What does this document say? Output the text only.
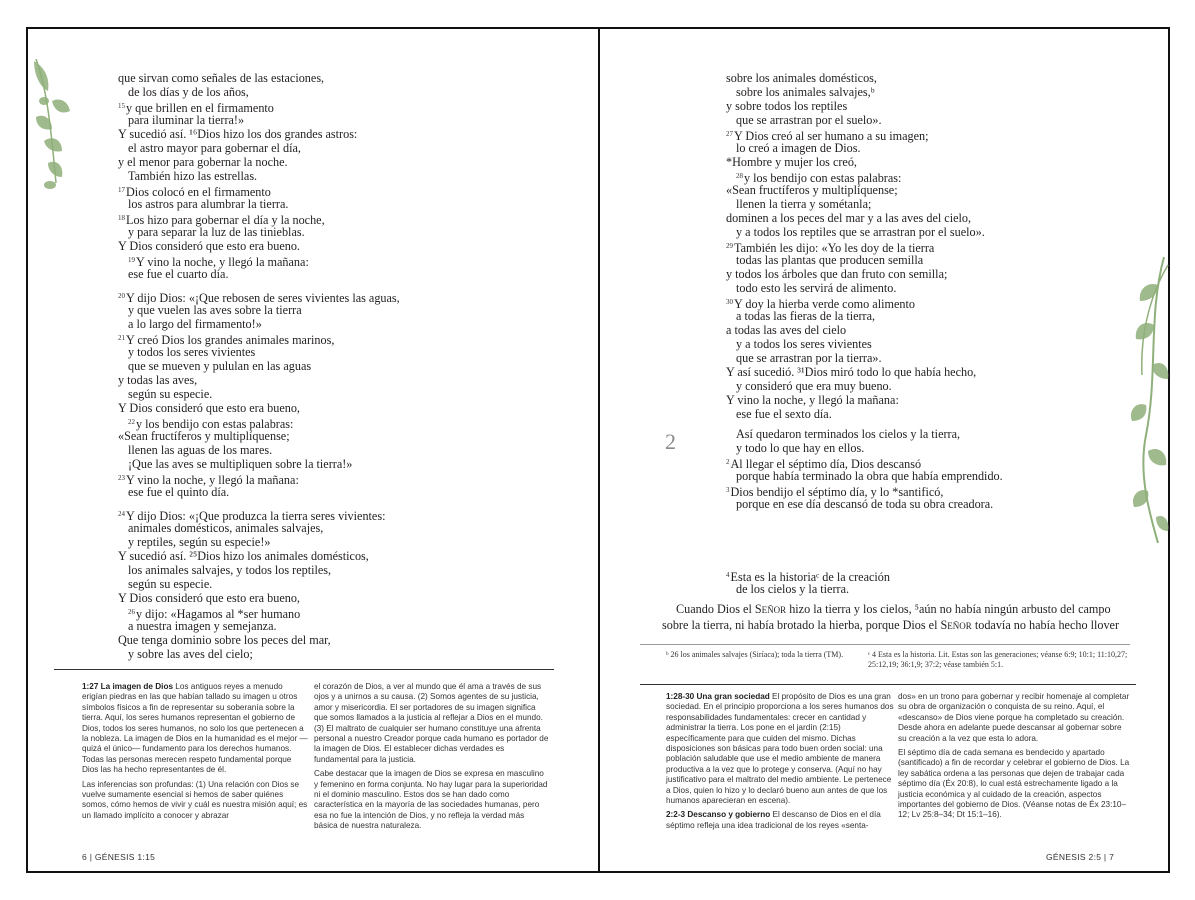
que sirvan como señales de las estaciones,
de los días y de los años,
$^{15}$y que brillen en el firmamento
para iluminar la tierra!»
Y sucedió así. ¹⁶Dios hizo los dos grandes astros:
el astro mayor para gobernar el día,
y el menor para gobernar la noche.
También hizo las estrellas.
$^{17}$Dios colocó en el firmamento
los astros para alumbrar la tierra.
$^{18}$Los hizo para gobernar el día y la noche,
y para separar la luz de las tinieblas.
Y Dios consideró que esto era bueno.
$^{19}$Y vino la noche, y llegó la mañana:
ese fue el cuarto día.
$^{20}$Y dijo Dios: «¡Que rebosen de seres vivientes las aguas,
y que vuelen las aves sobre la tierra
a lo largo del firmamento!»
$^{21}$Y creó Dios los grandes animales marinos,
y todos los seres vivientes
que se mueven y pululan en las aguas
y todas las aves,
según su especie.
Y Dios consideró que esto era bueno,
$^{22}$y los bendijo con estas palabras:
«Sean fructíferos y multiplíquense;
llenen las aguas de los mares.
¡Que las aves se multipliquen sobre la tierra!»
$^{23}$Y vino la noche, y llegó la mañana:
ese fue el quinto día.
$^{24}$Y dijo Dios: «¡Que produzca la tierra seres vivientes:
animales domésticos, animales salvajes,
y reptiles, según su especie!»
Y sucedió así. ²⁵Dios hizo los animales domésticos,
los animales salvajes, y todos los reptiles,
según su especie.
Y Dios consideró que esto era bueno,
$^{26}$y dijo: «Hagamos al *ser humano
a nuestra imagen y semejanza.
Que tenga dominio sobre los peces del mar,
y sobre las aves del cielo;

1:27 La imagen de Dios Los antiguos reyes a menudo erigían piedras en las que habían tallado su imagen u otros símbolos físicos a fin de representar su soberanía sobre la tierra. Aquí, los seres humanos representan el gobierno de Dios, todos los seres humanos, no solo los que pertenecen a la nobleza. La imagen de Dios en la humanidad es el mejor —quizá el único— fundamento para los derechos humanos. Todas las personas merecen respeto fundamental porque Dios las ha hecho representantes de él.

Las inferencias son profundas: (1) Una relación con Dios se vuelve sumamente esencial si hemos de saber quiénes somos, cómo hemos de vivir y cuál es nuestra misión aquí; es un llamado implícito a conocer y abrazar

el corazón de Dios, a ver al mundo que él ama a través de sus ojos y a unirnos a su causa. (2) Somos agentes de su justicia, amor y misericordia. El ser portadores de su imagen significa que somos llamados a la justicia al reflejar a Dios en el mundo. (3) El maltrato de cualquier ser humano constituye una afrenta personal a nuestro Creador porque cada humano es portador de la imagen de Dios. El establecer dichas verdades es fundamental para la justicia.

Cabe destacar que la imagen de Dios se expresa en masculino y femenino en forma conjunta. No hay lugar para la superioridad ni el dominio masculino. Estos dos se han dado como característica en la mayoría de las sociedades humanas, pero esa no fue la intención de Dios, y no refleja la verdad más básica de nuestra naturaleza.

6 | GÉNESIS 1:15
sobre los animales domésticos,
sobre los animales salvajes,ᵇ
y sobre todos los reptiles
que se arrastran por el suelo».
$^{27}$Y Dios creó al ser humano a su imagen;
lo creó a imagen de Dios.
*Hombre y mujer los creó,
$^{28}$y los bendijo con estas palabras:
«Sean fructíferos y multiplíquense;
llenen la tierra y sométanla;
dominen a los peces del mar y a las aves del cielo,
y a todos los reptiles que se arrastran por el suelo».
$^{29}$También les dijo: «Yo les doy de la tierra
todas las plantas que producen semilla
y todos los árboles que dan fruto con semilla;
todo esto les servirá de alimento.
$^{30}$Y doy la hierba verde como alimento
a todas las fieras de la tierra,
a todas las aves del cielo
y a todos los seres vivientes
que se arrastran por la tierra».
Y así sucedió. ³¹Dios miró todo lo que había hecho,
y consideró que era muy bueno.
Y vino la noche, y llegó la mañana:
ese fue el sexto día.
2	Así quedaron terminados los cielos y la tierra,
y todo lo que hay en ellos.
$^2$Al llegar el séptimo día, Dios descansó
porque había terminado la obra que había emprendido.
$^3$Dios bendijo el séptimo día, y lo *santificó,
porque en ese día descansó de toda su obra creadora.
$^4$Esta es la historiaᶜ de la creación
de los cielos y la tierra.
Cuando Dios el Señor hizo la tierra y los cielos, ⁵aún no había ningún arbusto del campo
sobre la tierra, ni había brotado la hierba, porque Dios el Señor todavía no había hecho llover
ᵇ 26 los animales salvajes (Siríaca); toda la tierra (TM).	ᶜ 4 Esta es la historia. Lit. Estas son las generaciones; véanse 6:9; 10:1; 11:10,27; 25:12,19; 36:1,9; 37:2; véase también 5:1.

1:28-30 Una gran sociedad El propósito de Dios es una gran sociedad. En el principio proporciona a los seres humanos dos responsabilidades fundamentales: crecer en cantidad y administrar la tierra. Los pone en el jardín (2:15) específicamente para que cuiden del mismo. Dichas disposiciones son básicas para todo buen orden social: una población saludable que use el medio ambiente de manera productiva a la vez que lo protege y conserva. (Aquí no hay justificativo para el maltrato del medio ambiente. Le pertenece a Dios, quien lo hizo y lo declaró bueno aun antes de que los humanos aparecieran en escena).

2:2-3 Descanso y gobierno El descanso de Dios en el día séptimo refleja una idea tradicional de los reyes «senta-

dos» en un trono para gobernar y recibir homenaje al completar su obra de organización o conquista de su reino. Aquí, el «descanso» de Dios viene porque ha completado su creación. Desde ahora en adelante puede descansar al gobernar sobre su creación a la vez que esta lo adora.

El séptimo día de cada semana es bendecido y apartado (santificado) a fin de recordar y celebrar el gobierno de Dios. La ley sabática ordena a las personas que dejen de trabajar cada séptimo día (Éx 20:8), lo cual está estrechamente ligado a la justicia económica y al cuidado de la creación, aspectos importantes del gobierno de Dios. (Véanse notas de Éx 23:10–12; Lv 25:8–34; Dt 15:1–16).

GÉNESIS 2:5 | 7
